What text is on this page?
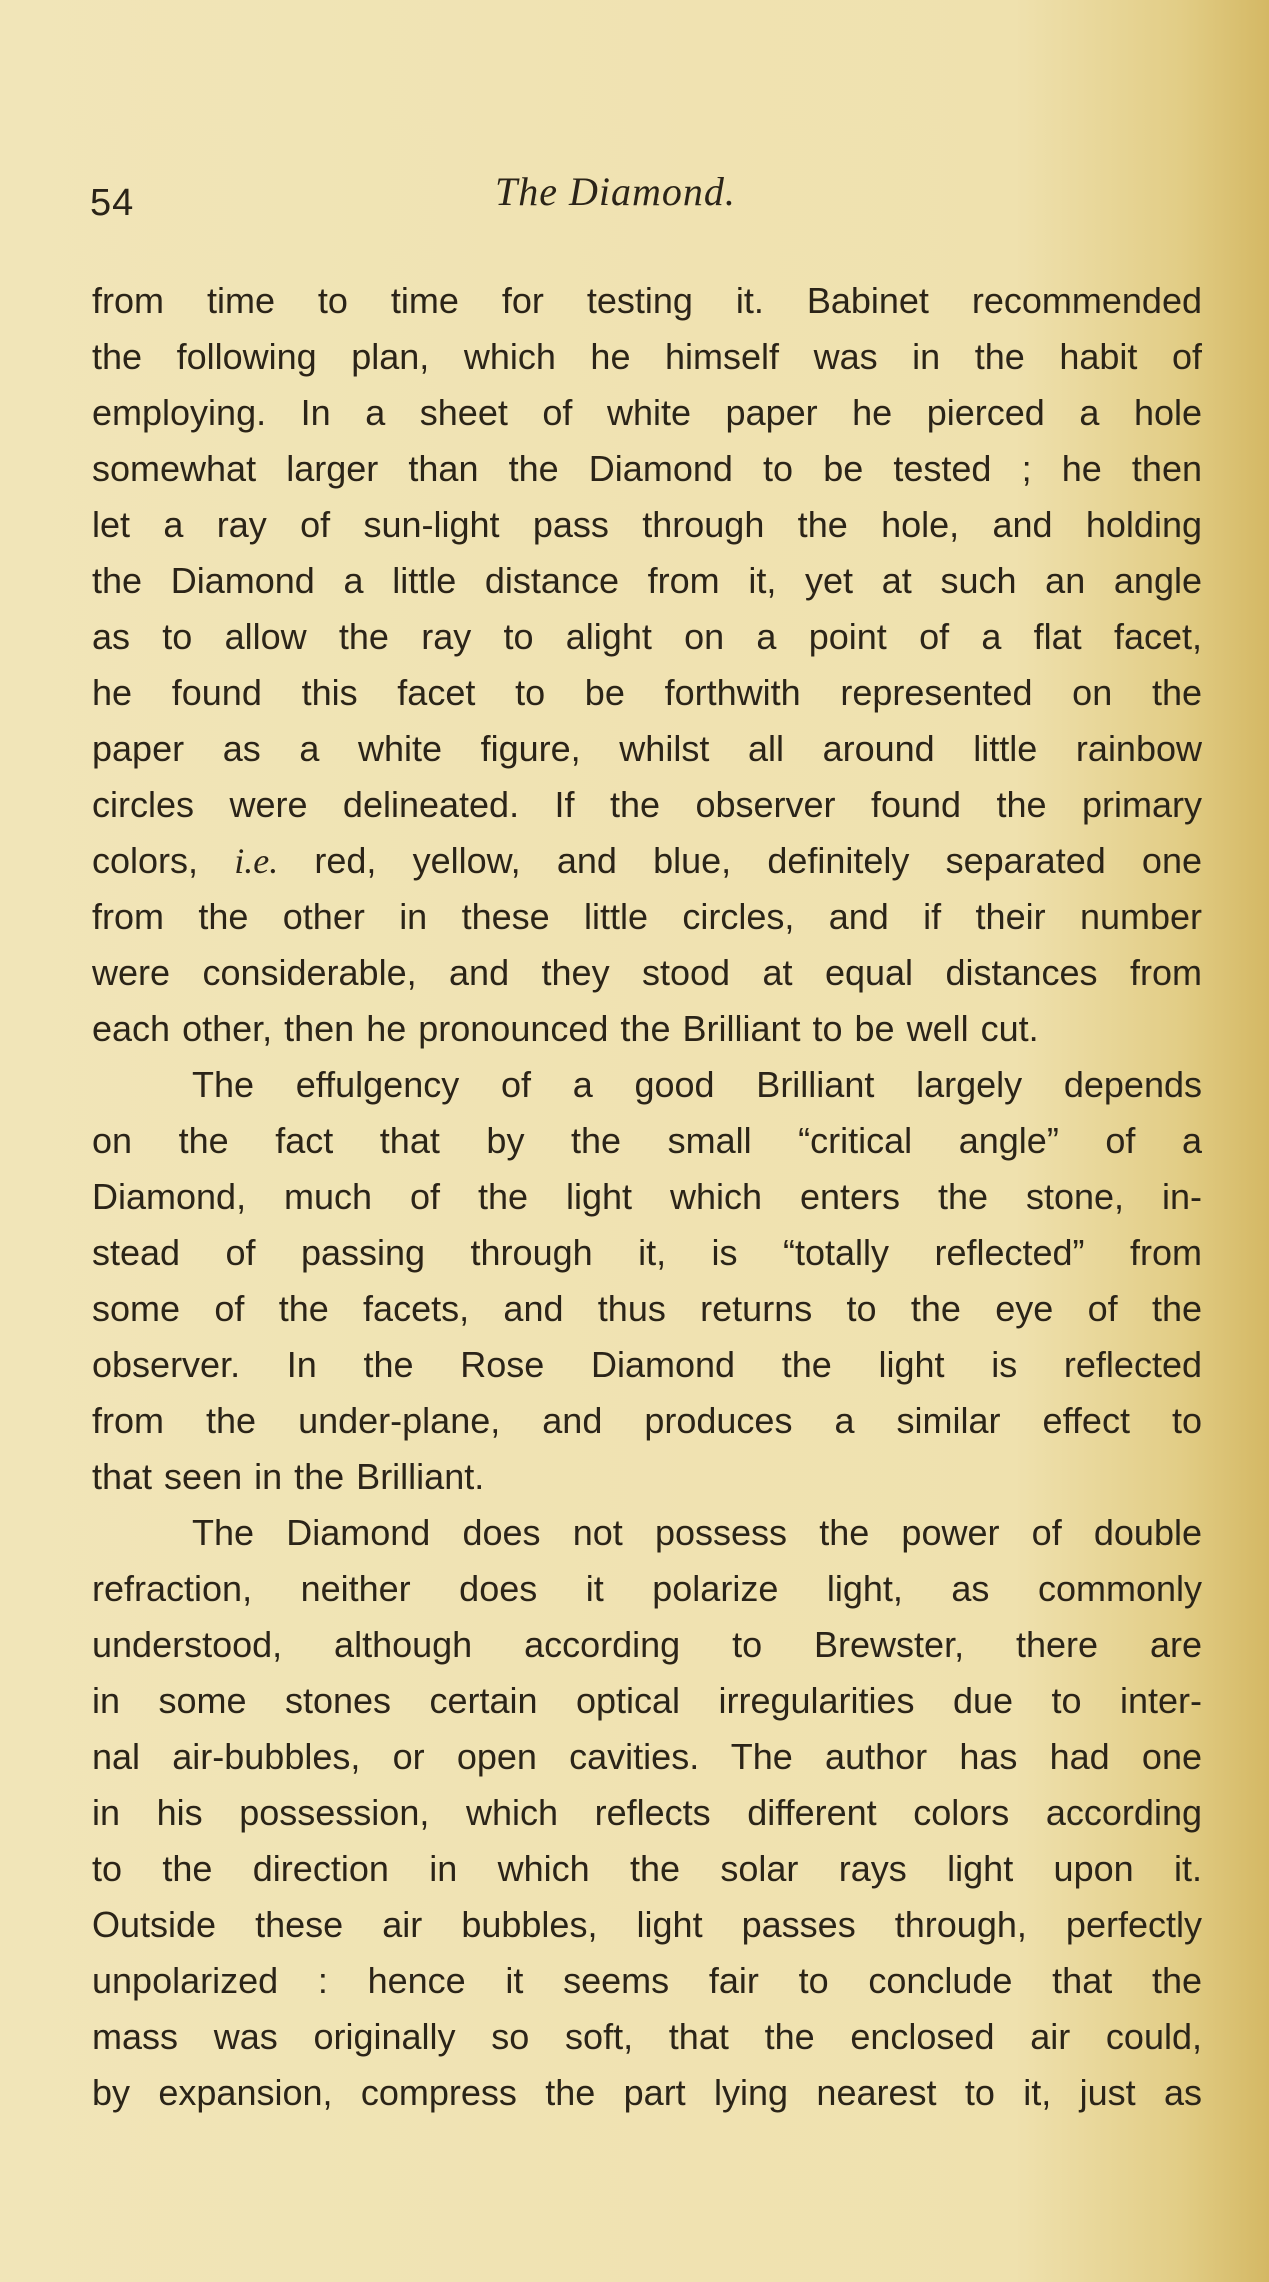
54	The Diamond.
from time to time for testing it. Babinet recommended
the following plan, which he himself was in the habit of
employing. In a sheet of white paper he pierced a hole
somewhat larger than the Diamond to be tested ; he then
let a ray of sun-light pass through the hole, and holding
the Diamond a little distance from it, yet at such an angle
as to allow the ray to alight on a point of a flat facet,
he found this facet to be forthwith represented on the
paper as a white figure, whilst all around little rainbow
circles were delineated. If the observer found the primary
colors, i.e. red, yellow, and blue, definitely separated one
from the other in these little circles, and if their number
were considerable, and they stood at equal distances from
each other, then he pronounced the Brilliant to be well cut.
The effulgency of a good Brilliant largely depends
on the fact that by the small “critical angle” of a
Diamond, much of the light which enters the stone, in-
stead of passing through it, is “totally reflected” from
some of the facets, and thus returns to the eye of the
observer. In the Rose Diamond the light is reflected
from the under-plane, and produces a similar effect to
that seen in the Brilliant.
The Diamond does not possess the power of double
refraction, neither does it polarize light, as commonly
understood, although according to Brewster, there are
in some stones certain optical irregularities due to inter-
nal air-bubbles, or open cavities. The author has had one
in his possession, which reflects different colors according
to the direction in which the solar rays light upon it.
Outside these air bubbles, light passes through, perfectly
unpolarized : hence it seems fair to conclude that the
mass was originally so soft, that the enclosed air could,
by expansion, compress the part lying nearest to it, just as
